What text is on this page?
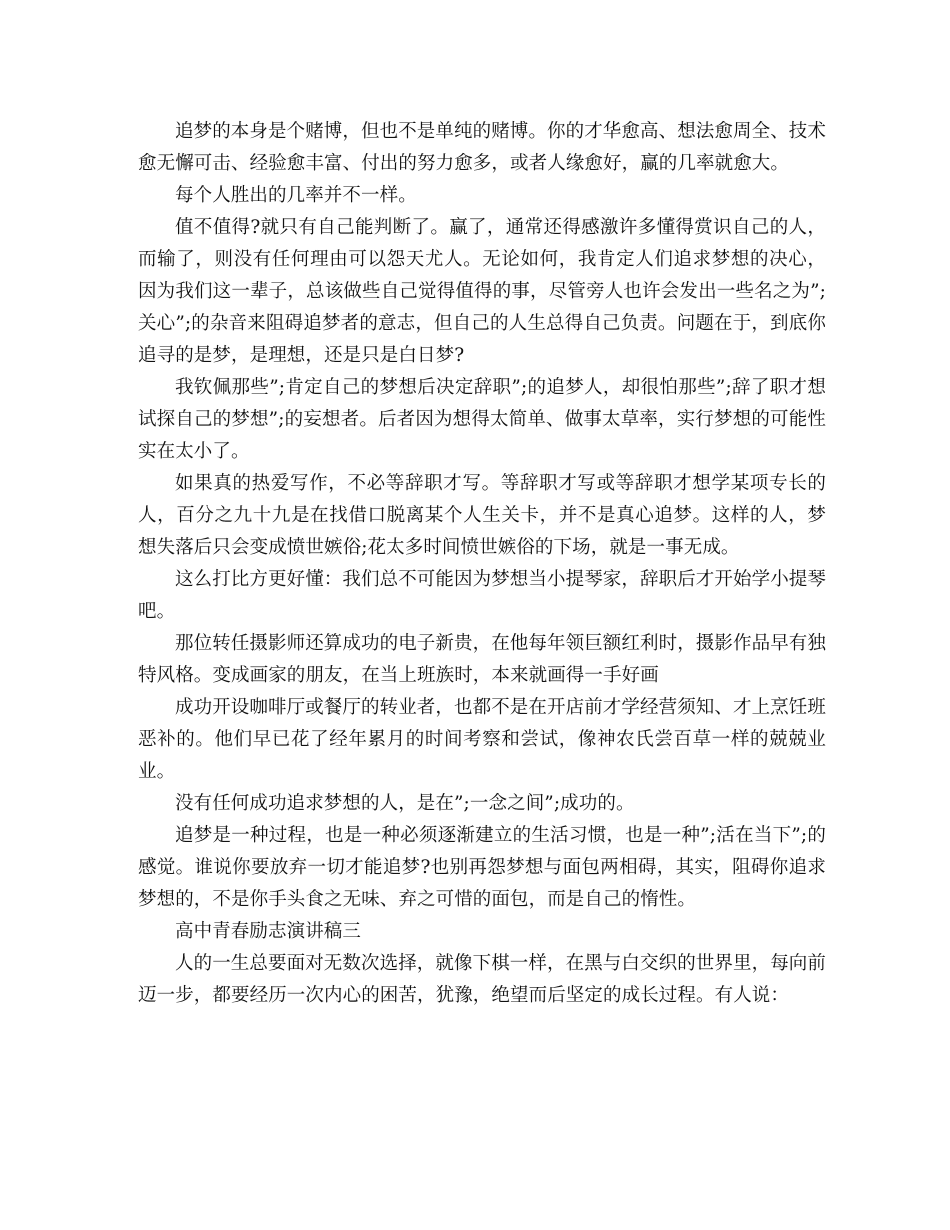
追梦的本身是个赌博，但也不是单纯的赌博。你的才华愈高、想法愈周全、技术愈无懈可击、经验愈丰富、付出的努力愈多，或者人缘愈好，赢的几率就愈大。

每个人胜出的几率并不一样。

值不值得?就只有自己能判断了。赢了，通常还得感激许多懂得赏识自己的人，而输了，则没有任何理由可以怨天尤人。无论如何，我肯定人们追求梦想的决心，因为我们这一辈子，总该做些自己觉得值得的事，尽管旁人也许会发出一些名之为”;关心”;的杂音来阻碍追梦者的意志，但自己的人生总得自己负责。问题在于，到底你追寻的是梦，是理想，还是只是白日梦?

我钦佩那些”;肯定自己的梦想后决定辞职”;的追梦人，却很怕那些”;辞了职才想试探自己的梦想”;的妄想者。后者因为想得太简单、做事太草率，实行梦想的可能性实在太小了。

如果真的热爱写作，不必等辞职才写。等辞职才写或等辞职才想学某项专长的人，百分之九十九是在找借口脱离某个人生关卡，并不是真心追梦。这样的人，梦想失落后只会变成愤世嫉俗;花太多时间愤世嫉俗的下场，就是一事无成。

这么打比方更好懂：我们总不可能因为梦想当小提琴家，辞职后才开始学小提琴吧。

那位转任摄影师还算成功的电子新贵，在他每年领巨额红利时，摄影作品早有独特风格。变成画家的朋友，在当上班族时，本来就画得一手好画

成功开设咖啡厅或餐厅的转业者，也都不是在开店前才学经营须知、才上烹饪班恶补的。他们早已花了经年累月的时间考察和尝试，像神农氏尝百草一样的兢兢业业。

没有任何成功追求梦想的人，是在”;一念之间”;成功的。

追梦是一种过程，也是一种必须逐渐建立的生活习惯，也是一种”;活在当下”;的感觉。谁说你要放弃一切才能追梦?也别再怨梦想与面包两相碍，其实，阻碍你追求梦想的，不是你手头食之无味、弃之可惜的面包，而是自己的惰性。

高中青春励志演讲稿三

人的一生总要面对无数次选择，就像下棋一样，在黑与白交织的世界里，每向前迈一步，都要经历一次内心的困苦，犹豫，绝望而后坚定的成长过程。有人说：
